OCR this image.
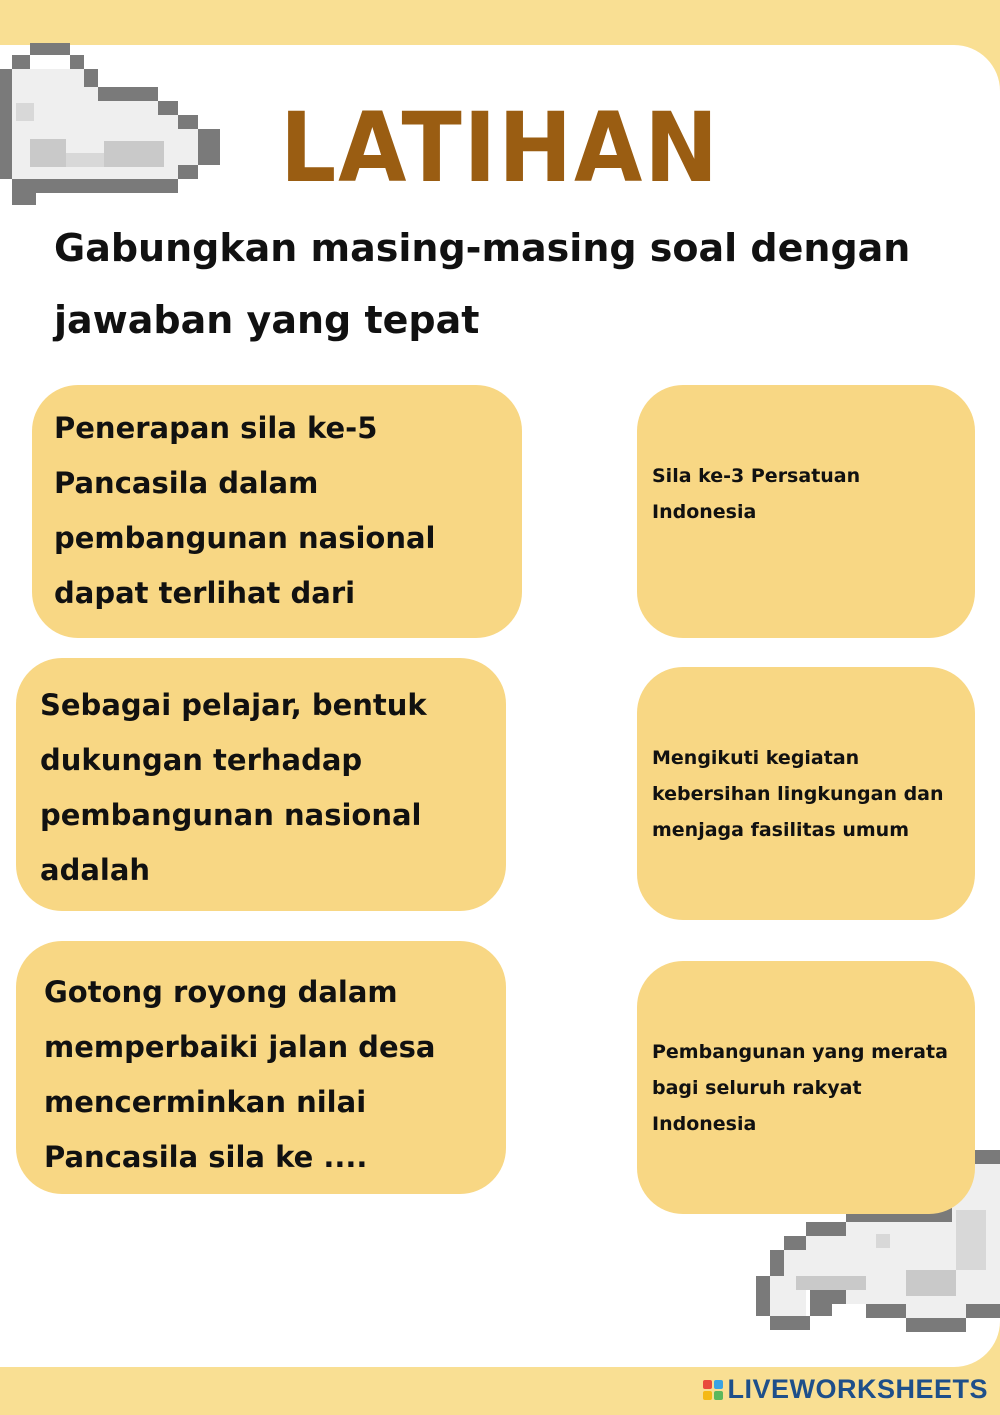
LATIHAN
Gabungkan masing-masing soal dengan jawaban yang tepat
Penerapan sila ke-5 Pancasila dalam pembangunan nasional dapat terlihat dari
Sebagai pelajar, bentuk dukungan terhadap pembangunan nasional adalah
Gotong royong dalam memperbaiki jalan desa mencerminkan nilai Pancasila sila ke ....
Sila ke-3 Persatuan Indonesia
Mengikuti kegiatan kebersihan lingkungan dan menjaga fasilitas umum
Pembangunan yang merata bagi seluruh rakyat Indonesia
LIVEWORKSHEETS
